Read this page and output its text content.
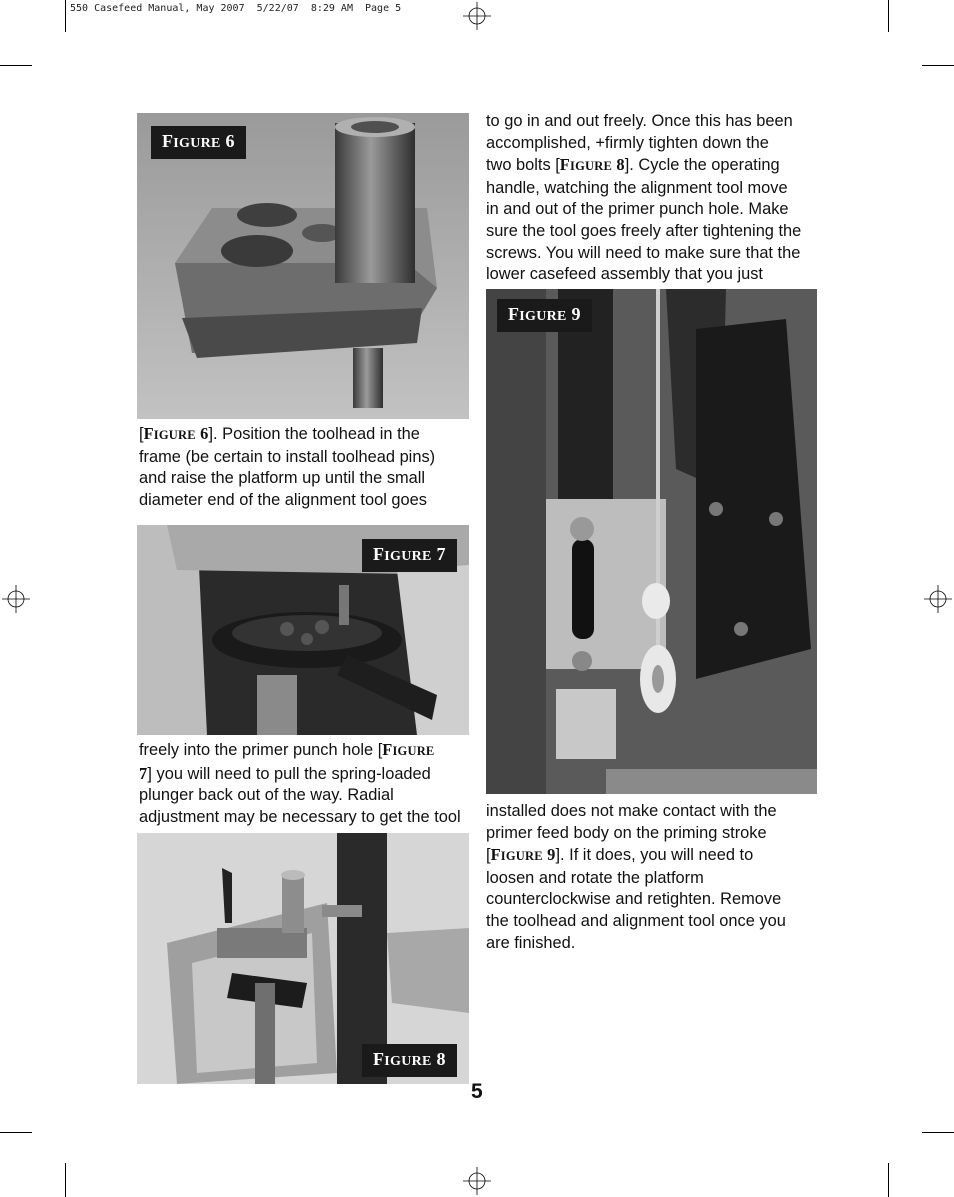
550 Casefeed Manual, May 2007  5/22/07  8:29 AM  Page 5
FIGURE 6
[FIGURE 6]. Position the toolhead in the
frame (be certain to install toolhead pins)
and raise the platform up until the small
diameter end of the alignment tool goes
FIGURE 7
freely into the primer punch hole [FIGURE
7] you will need to pull the spring-loaded
plunger back out of the way. Radial
adjustment may be necessary to get the tool
FIGURE 8
to go in and out freely. Once this has been
accomplished, +firmly tighten down the
two bolts [FIGURE 8]. Cycle the operating
handle, watching the alignment tool move
in and out of the primer punch hole. Make
sure the tool goes freely after tightening the
screws. You will need to make sure that the
lower casefeed assembly that you just
FIGURE 9
installed does not make contact with the
primer feed body on the priming stroke
[FIGURE 9]. If it does, you will need to
loosen and rotate the platform
counterclockwise and retighten. Remove
the toolhead and alignment tool once you
are finished.
5
